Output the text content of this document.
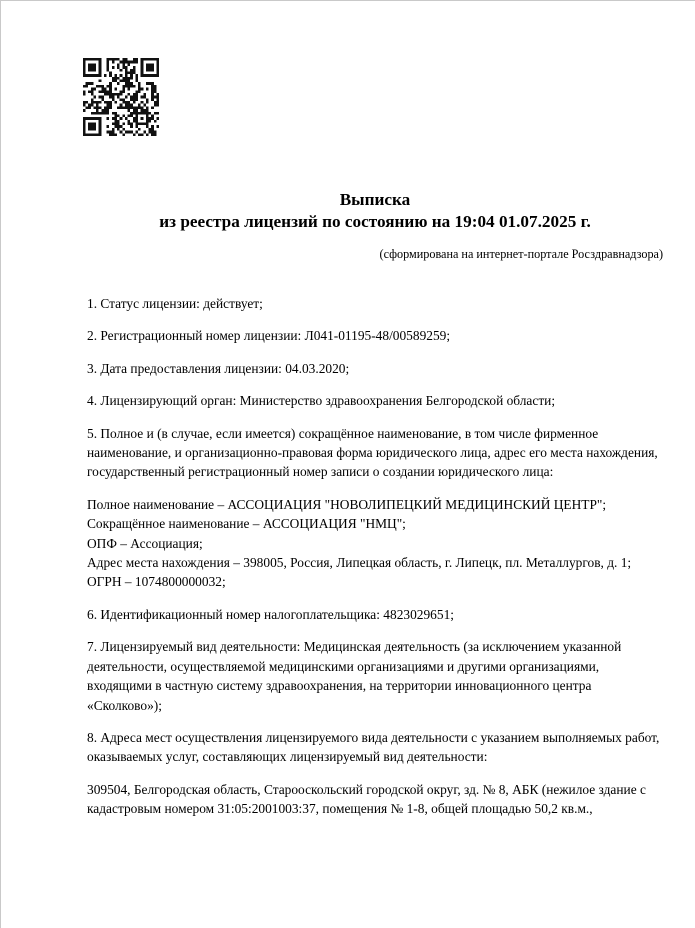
Выписка
из реестра лицензий по состоянию на 19:04 01.07.2025 г.
(сформирована на интернет-портале Росздравнадзора)

1. Статус лицензии: действует;

2. Регистрационный номер лицензии: Л041-01195-48/00589259;

3. Дата предоставления лицензии: 04.03.2020;

4. Лицензирующий орган: Министерство здравоохранения Белгородской области;

5. Полное и (в случае, если имеется) сокращённое наименование, в том числе фирменное наименование, и организационно-правовая форма юридического лица, адрес его места нахождения, государственный регистрационный номер записи о создании юридического лица:

Полное наименование – АССОЦИАЦИЯ "НОВОЛИПЕЦКИЙ МЕДИЦИНСКИЙ ЦЕНТР";
Сокращённое наименование – АССОЦИАЦИЯ "НМЦ";
ОПФ – Ассоциация;
Адрес места нахождения – 398005, Россия, Липецкая область, г. Липецк, пл. Металлургов, д. 1;
ОГРН – 1074800000032;

6. Идентификационный номер налогоплательщика: 4823029651;

7. Лицензируемый вид деятельности: Медицинская деятельность (за исключением указанной деятельности, осуществляемой медицинскими организациями и другими организациями, входящими в частную систему здравоохранения, на территории инновационного центра «Сколково»);

8. Адреса мест осуществления лицензируемого вида деятельности с указанием выполняемых работ, оказываемых услуг, составляющих лицензируемый вид деятельности:

309504, Белгородская область, Старооскольский городской округ, зд. № 8, АБК (нежилое здание с кадастровым номером 31:05:2001003:37, помещения № 1-8, общей площадью 50,2 кв.м.,
